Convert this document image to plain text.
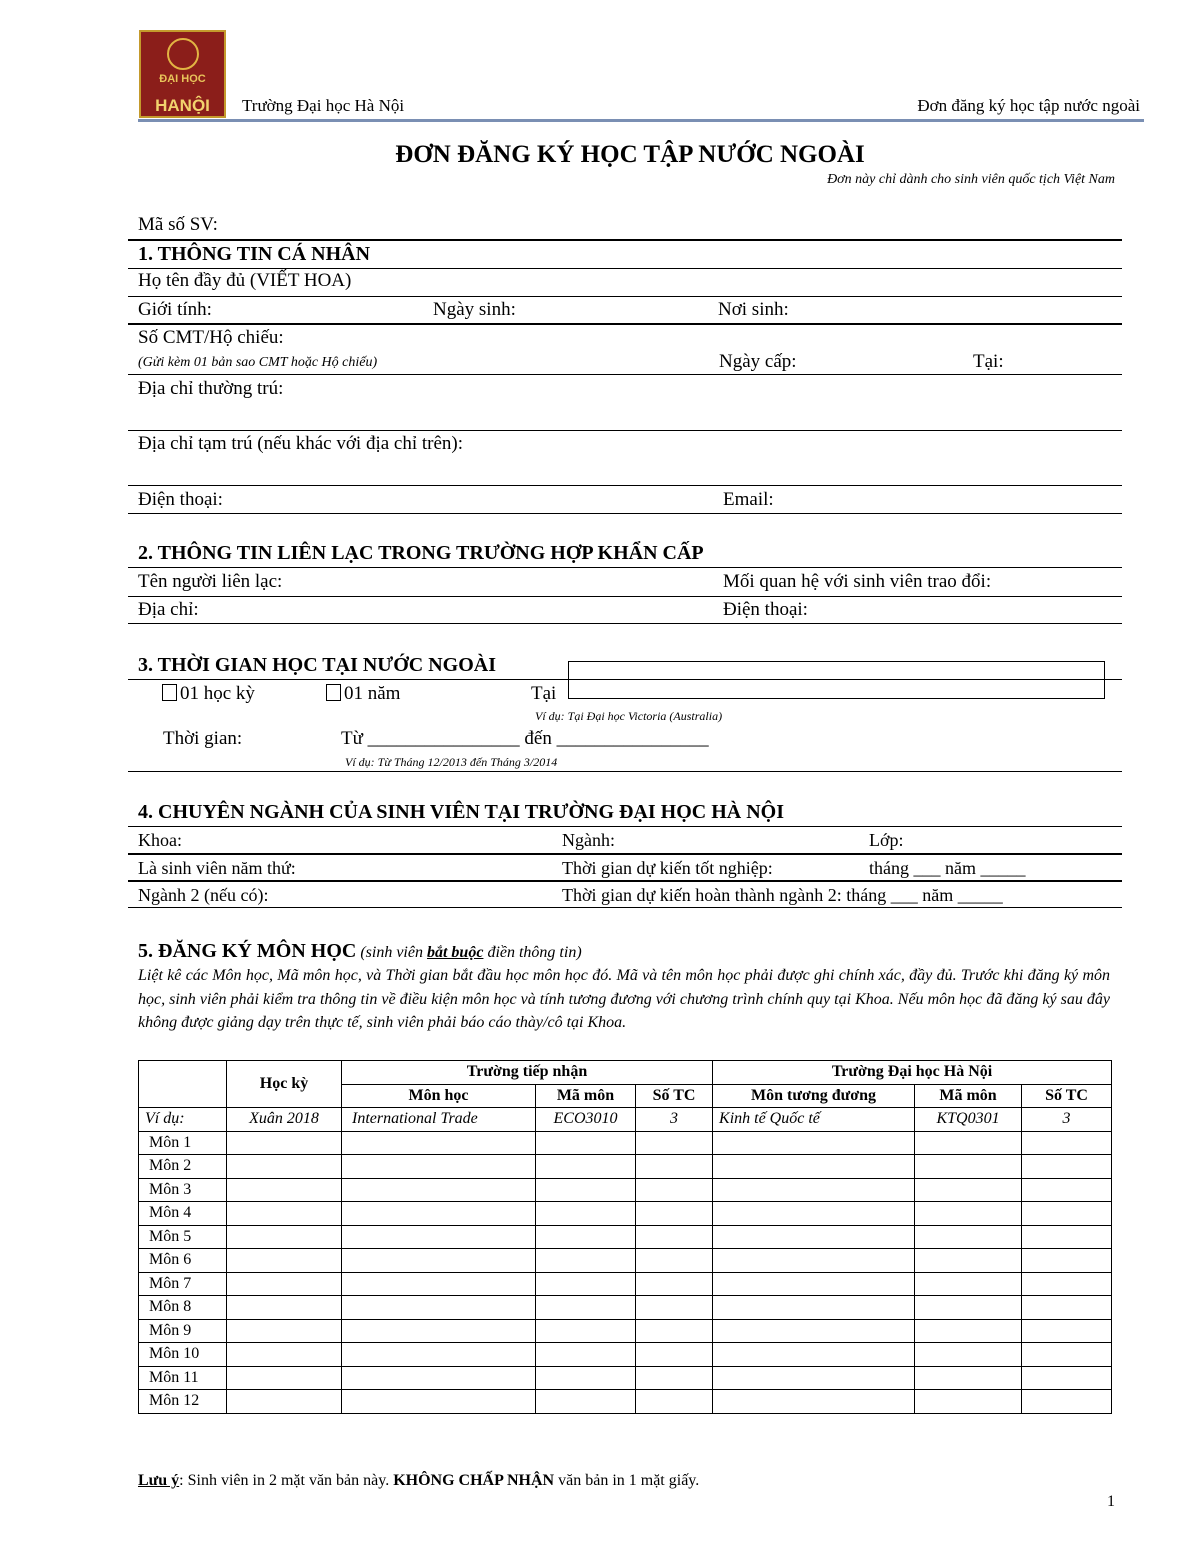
ĐẠI HỌC
HANỘI	Trường Đại học Hà Nội	Đơn đăng ký học tập nước ngoài
ĐƠN ĐĂNG KÝ HỌC TẬP NƯỚC NGOÀI
Đơn này chỉ dành cho sinh viên quốc tịch Việt Nam
Mã số SV:
1. THÔNG TIN CÁ NHÂN
Họ tên đầy đủ (VIẾT HOA)
Giới tính:	Ngày sinh:	Nơi sinh:
Số CMT/Hộ chiếu:
(Gửi kèm 01 bản sao CMT hoặc Hộ chiếu)	Ngày cấp:	Tại:
Địa chỉ thường trú:
Địa chỉ tạm trú (nếu khác với địa chỉ trên):
Điện thoại:	Email:
2. THÔNG TIN LIÊN LẠC TRONG TRƯỜNG HỢP KHẨN CẤP
Tên người liên lạc:	Mối quan hệ với sinh viên trao đổi:
Địa chỉ:	Điện thoại:
3. THỜI GIAN HỌC TẠI NƯỚC NGOÀI
01 học kỳ	01 năm	Tại
Ví dụ: Tại Đại học Victoria (Australia)
Thời gian:	Từ ________________ đến ________________
Ví dụ: Từ Tháng 12/2013 đến Tháng 3/2014
4. CHUYÊN NGÀNH CỦA SINH VIÊN TẠI TRƯỜNG ĐẠI HỌC HÀ NỘI
Khoa:	Ngành:	Lớp:
Là sinh viên năm thứ:	Thời gian dự kiến tốt nghiệp:	tháng ___ năm _____
Ngành 2 (nếu có):	Thời gian dự kiến hoàn thành ngành 2: tháng ___ năm _____
5. ĐĂNG KÝ MÔN HỌC (sinh viên bắt buộc điền thông tin)
Liệt kê các Môn học, Mã môn học, và Thời gian bắt đầu học môn học đó. Mã và tên môn học phải được ghi chính xác, đầy đủ. Trước khi đăng ký môn học, sinh viên phải kiểm tra thông tin về điều kiện môn học và tính tương đương với chương trình chính quy tại Khoa. Nếu môn học đã đăng ký sau đây không được giảng dạy trên thực tế, sinh viên phải báo cáo thày/cô tại Khoa.
	Học kỳ	Trường tiếp nhận			Trường Đại học Hà Nội		
		Môn học	Mã môn	Số TC	Môn tương đương	Mã môn	Số TC
Ví dụ:	Xuân 2018	International Trade	ECO3010	3	Kinh tế Quốc tế	KTQ0301	3
Môn 1							
Môn 2							
Môn 3							
Môn 4							
Môn 5							
Môn 6							
Môn 7							
Môn 8							
Môn 9							
Môn 10							
Môn 11							
Môn 12							
Lưu ý: Sinh viên in 2 mặt văn bản này. KHÔNG CHẤP NHẬN văn bản in 1 mặt giấy.
1
